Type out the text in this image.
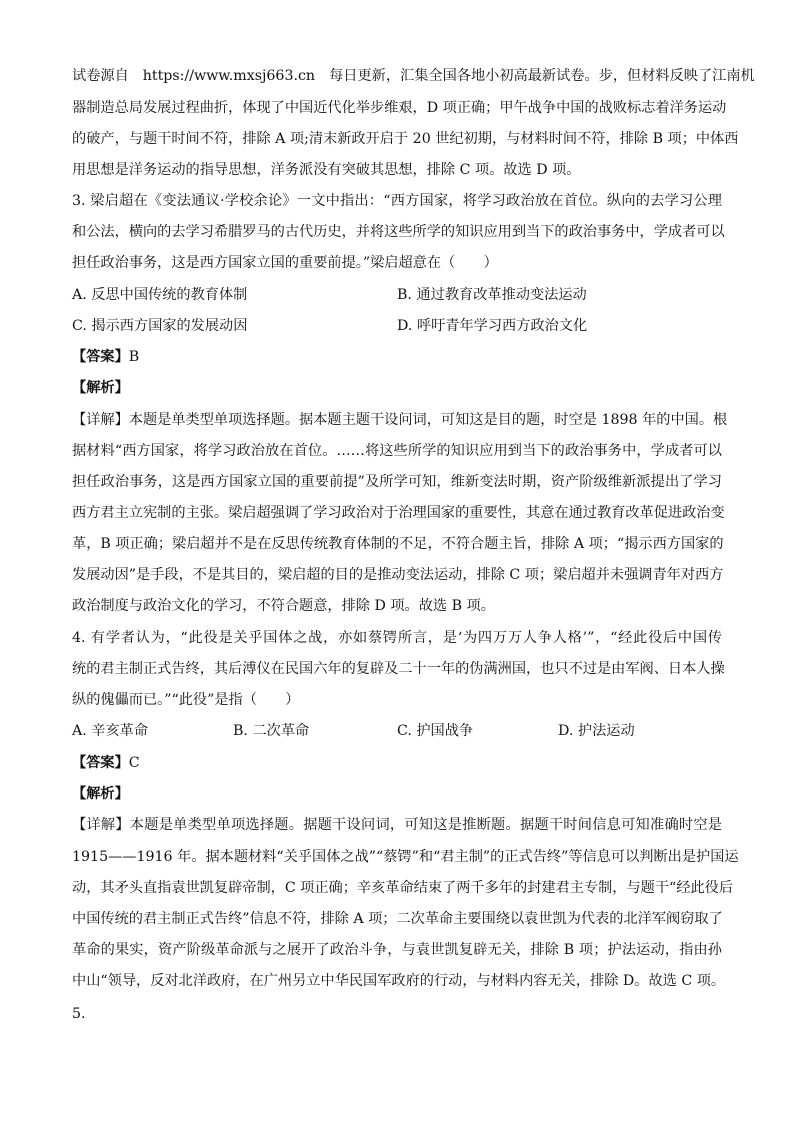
试卷源自 https://www.mxsj663.cn 每日更新，汇集全国各地小初高最新试卷。步，但材料反映了江南机
器制造总局发展过程曲折，体现了中国近代化举步维艰，D 项正确；甲午战争中国的战败标志着洋务运动
的破产，与题干时间不符，排除 A 项;清末新政开启于 20 世纪初期，与材料时间不符，排除 B 项；中体西
用思想是洋务运动的指导思想，洋务派没有突破其思想，排除 C 项。故选 D 项。
3. 梁启超在《变法通议·学校余论》一文中指出：“西方国家，将学习政治放在首位。纵向的去学习公理
和公法，横向的去学习希腊罗马的古代历史，并将这些所学的知识应用到当下的政治事务中，学成者可以
担任政治事务，这是西方国家立国的重要前提。”梁启超意在（　　）
A. 反思中国传统的教育体制	B. 通过教育改革推动变法运动
C. 揭示西方国家的发展动因	D. 呼吁青年学习西方政治文化
【答案】B
【解析】
【详解】本题是单类型单项选择题。据本题主题干设问词，可知这是目的题，时空是 1898 年的中国。根
据材料“西方国家，将学习政治放在首位。……将这些所学的知识应用到当下的政治事务中，学成者可以
担任政治事务，这是西方国家立国的重要前提”及所学可知，维新变法时期，资产阶级维新派提出了学习
西方君主立宪制的主张。梁启超强调了学习政治对于治理国家的重要性，其意在通过教育改革促进政治变
革，B 项正确；梁启超并不是在反思传统教育体制的不足，不符合题主旨，排除 A 项；“揭示西方国家的
发展动因”是手段，不是其目的，梁启超的目的是推动变法运动，排除 C 项；梁启超并未强调青年对西方
政治制度与政治文化的学习，不符合题意，排除 D 项。故选 B 项。
4. 有学者认为，“此役是关乎国体之战，亦如蔡锷所言，是‘为四万万人争人格’”，“经此役后中国传
统的君主制正式告终，其后溥仪在民国六年的复辟及二十一年的伪满洲国，也只不过是由军阀、日本人操
纵的傀儡而已。”“此役”是指（　　）
A. 辛亥革命	B. 二次革命	C. 护国战争	D. 护法运动
【答案】C
【解析】
【详解】本题是单类型单项选择题。据题干设问词，可知这是推断题。据题干时间信息可知准确时空是
1915——1916 年。据本题材料“关乎国体之战”“蔡锷”和“君主制”的正式告终”等信息可以判断出是护国运
动，其矛头直指袁世凯复辟帝制，C 项正确；辛亥革命结束了两千多年的封建君主专制，与题干“经此役后
中国传统的君主制正式告终”信息不符，排除 A 项；二次革命主要围绕以袁世凯为代表的北洋军阀窃取了
革命的果实，资产阶级革命派与之展开了政治斗争，与袁世凯复辟无关，排除 B 项；护法运动，指由孙
中山“领导，反对北洋政府，在广州另立中华民国军政府的行动，与材料内容无关，排除 D。故选 C 项。
5.
